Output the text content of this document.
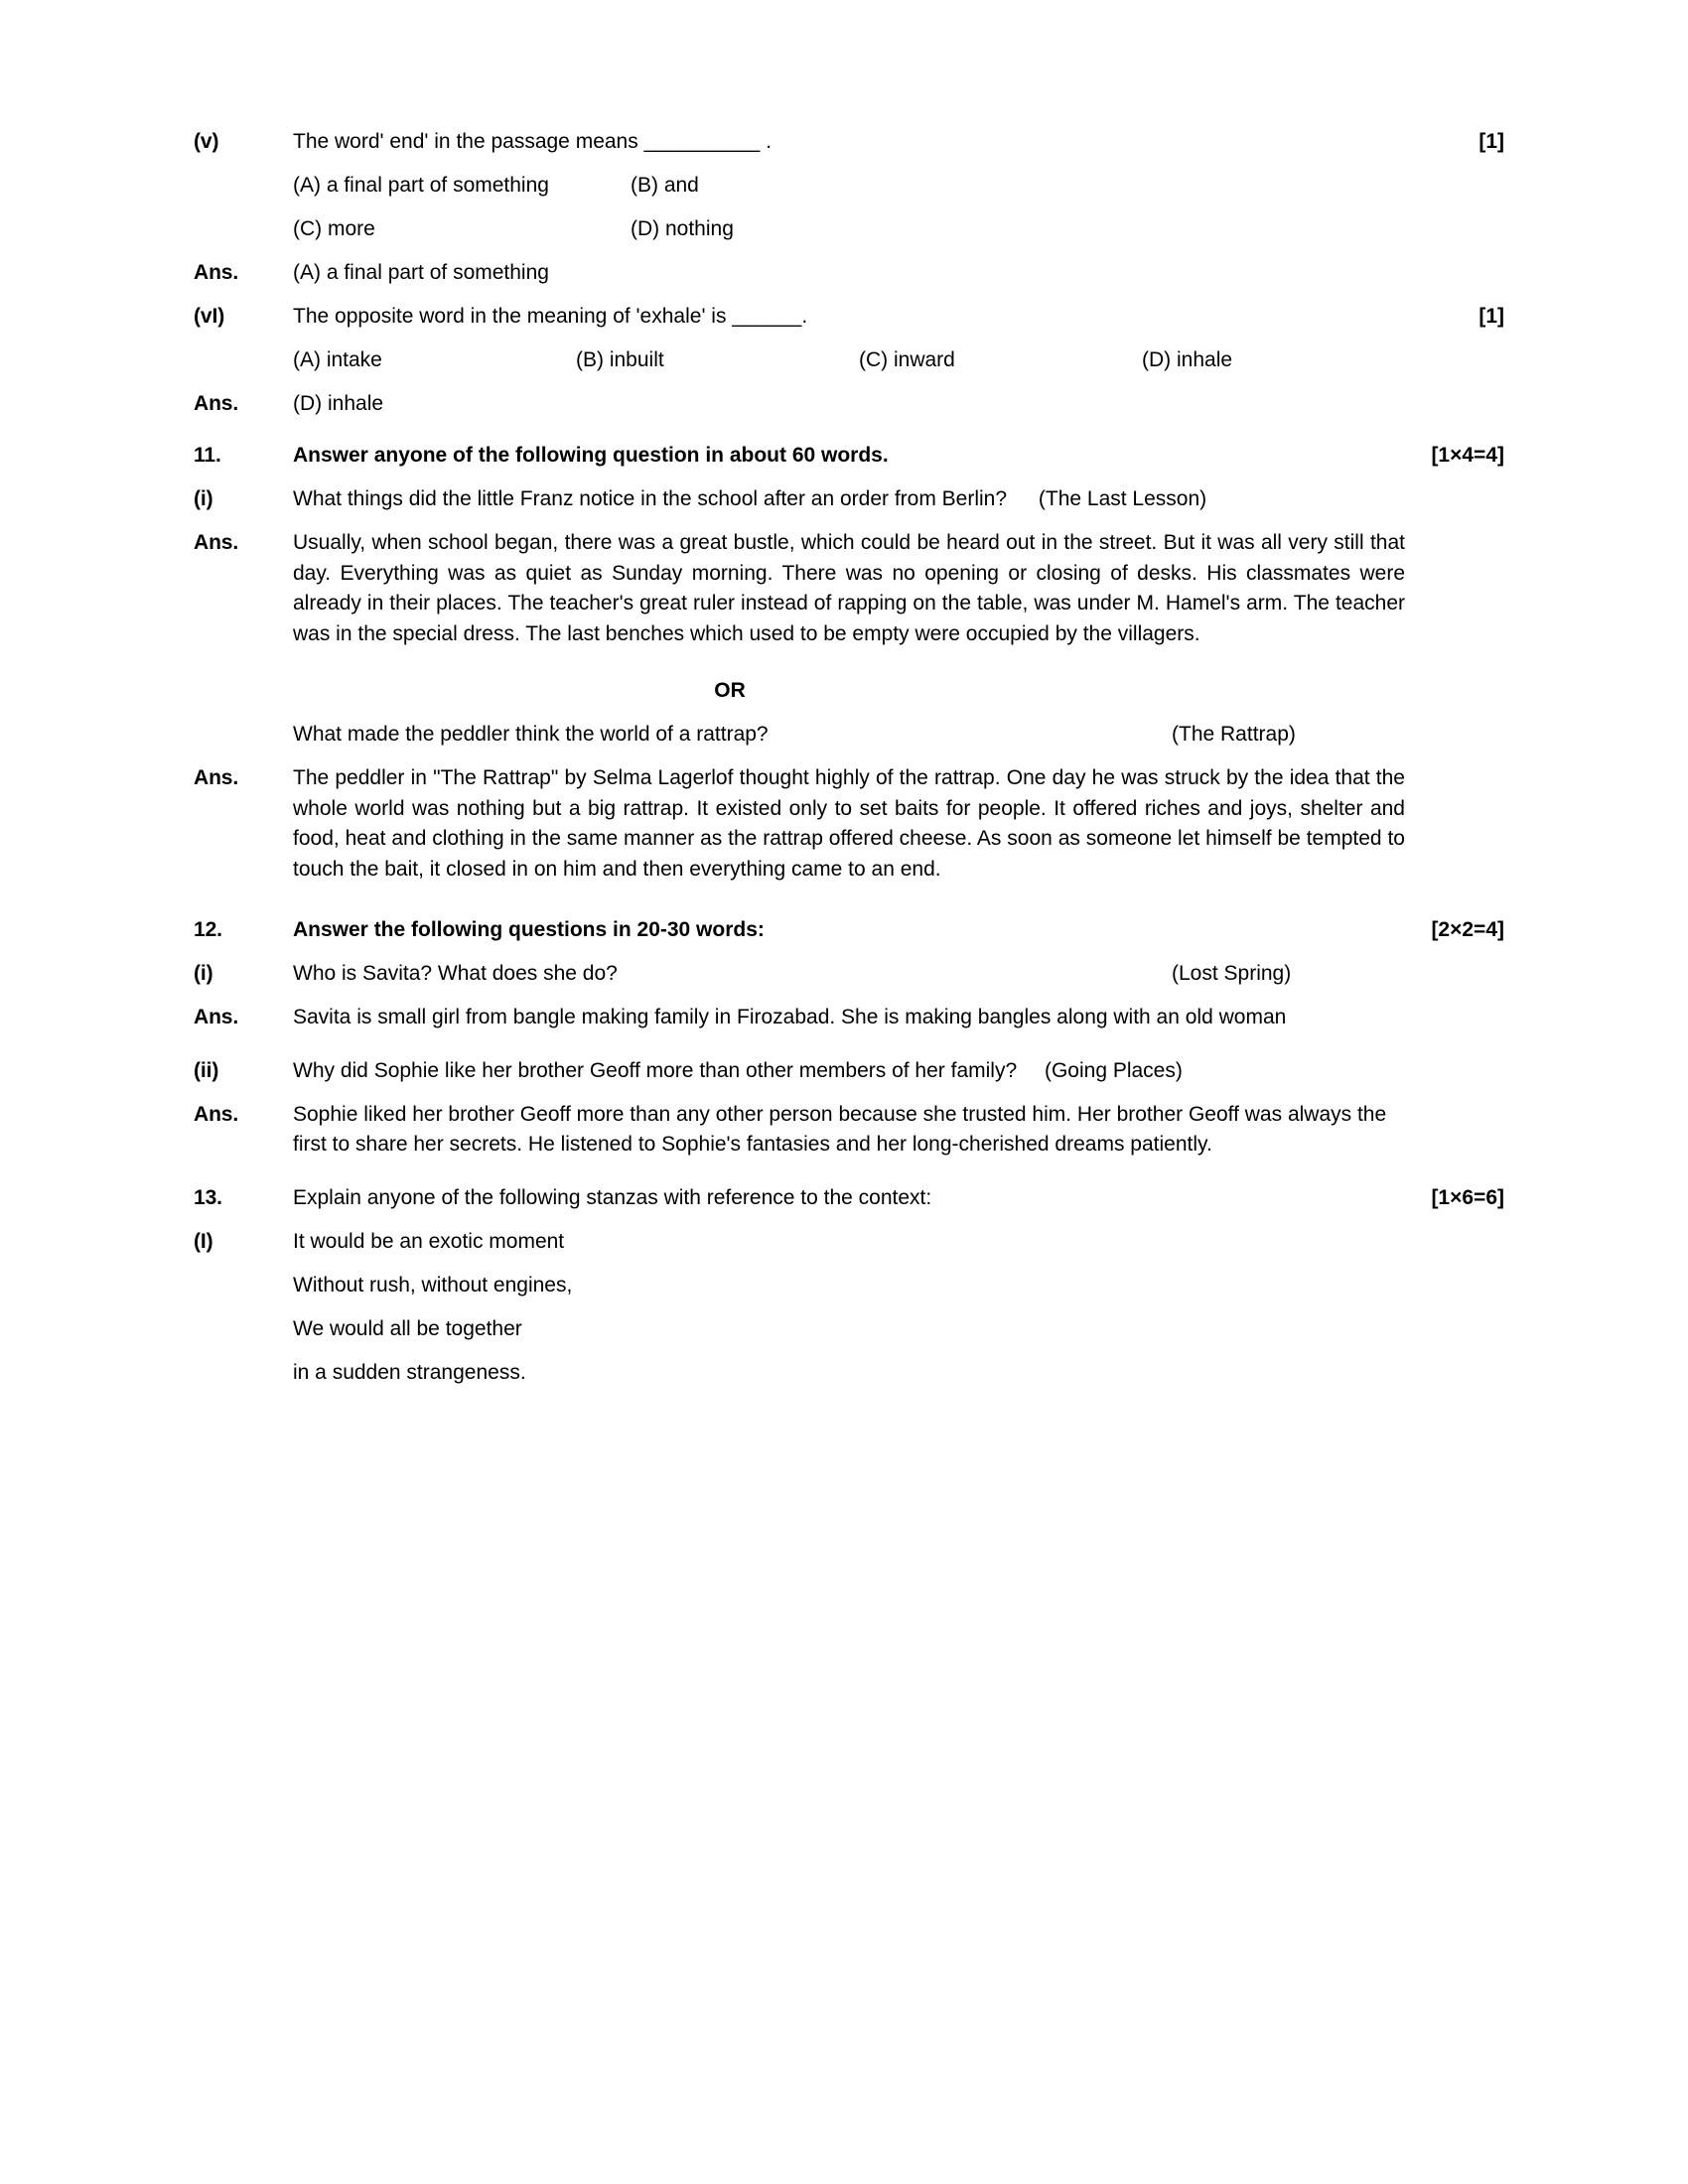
(v)	The word' end' in the passage means __________ .	[1]
(A) a final part of something	(B) and
(C) more	(D) nothing
Ans.	(A) a final part of something
(vI)	The opposite word in the meaning of 'exhale' is ______.	[1]
(A) intake	(B) inbuilt	(C) inward	(D) inhale
Ans.	(D) inhale
11.	Answer anyone of the following question in about 60 words.	[1×4=4]
(i)	What things did the little Franz notice in the school after an order from Berlin? (The Last Lesson)
Ans.	Usually, when school began, there was a great bustle, which could be heard out in the street. But it was all very still that day. Everything was as quiet as Sunday morning. There was no opening or closing of desks. His classmates were already in their places. The teacher's great ruler instead of rapping on the table, was under M. Hamel's arm. The teacher was in the special dress. The last benches which used to be empty were occupied by the villagers.
OR
What made the peddler think the world of a rattrap?	(The Rattrap)
Ans.	The peddler in "The Rattrap" by Selma Lagerlof thought highly of the rattrap. One day he was struck by the idea that the whole world was nothing but a big rattrap. It existed only to set baits for people. It offered riches and joys, shelter and food, heat and clothing in the same manner as the rattrap offered cheese. As soon as someone let himself be tempted to touch the bait, it closed in on him and then everything came to an end.
12.	Answer the following questions in 20-30 words:	[2×2=4]
(i)	Who is Savita? What does she do?	(Lost Spring)
Ans.	Savita is small girl from bangle making family in Firozabad. She is making bangles along with an old woman
(ii)	Why did Sophie like her brother Geoff more than other members of her family? (Going Places)
Ans.	Sophie liked her brother Geoff more than any other person because she trusted him. Her brother Geoff was always the first to share her secrets. He listened to Sophie's fantasies and her long-cherished dreams patiently.
13.	Explain anyone of the following stanzas with reference to the context:	[1×6=6]
(I)	It would be an exotic moment
Without rush, without engines,
We would all be together
in a sudden strangeness.
